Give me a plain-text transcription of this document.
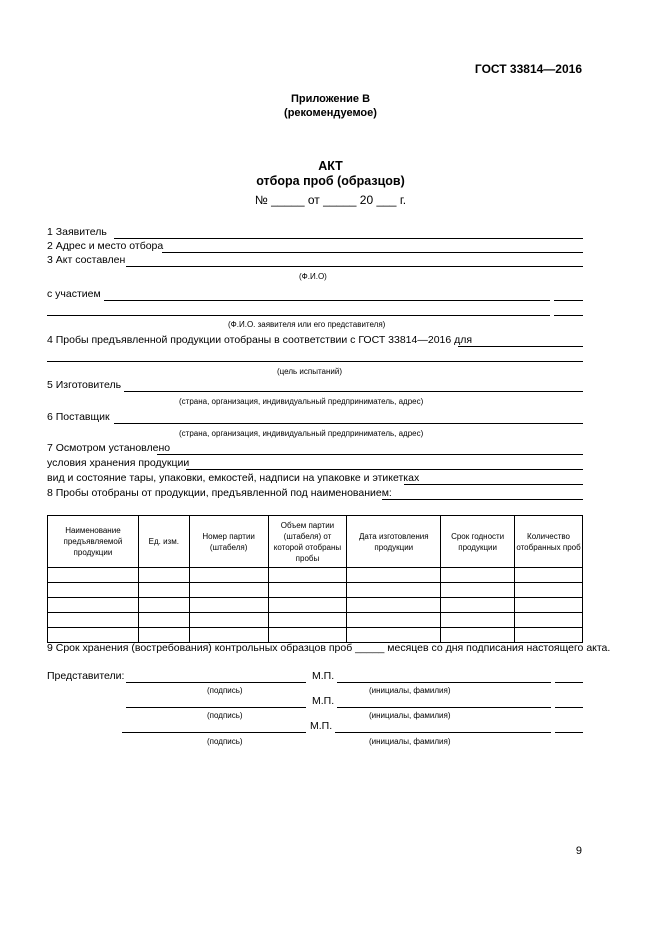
ГОСТ 33814—2016
Приложение В
(рекомендуемое)
АКТ
отбора проб (образцов)
№ _____ от _____ 20 ___ г.
1 Заявитель
2 Адрес и место отбора
3 Акт составлен
(Ф.И.О)
с участием
(Ф.И.О. заявителя или его представителя)
4 Пробы предъявленной продукции отобраны в соответствии с ГОСТ 33814—2016 для
(цель испытаний)
5 Изготовитель
(страна, организация, индивидуальный предприниматель, адрес)
6 Поставщик
(страна, организация, индивидуальный предприниматель, адрес)
7 Осмотром установлено
условия хранения продукции
вид и состояние тары, упаковки, емкостей, надписи на упаковке и этикетках
8 Пробы отобраны от продукции, предъявленной под наименованием:
Наименование предъявляемой продукции	Ед. изм.	Номер партии (штабеля)	Объем партии (штабеля) от которой отобраны пробы	Дата изготовления продукции	Срок годности продукции	Количество отобранных проб

9 Срок хранения (востребования) контрольных образцов проб _____ месяцев со дня подписания настоящего акта.
Представители:	М.П.
(подпись)	(инициалы, фамилия)
М.П.
(подпись)	(инициалы, фамилия)
М.П.
(подпись)	(инициалы, фамилия)
9
